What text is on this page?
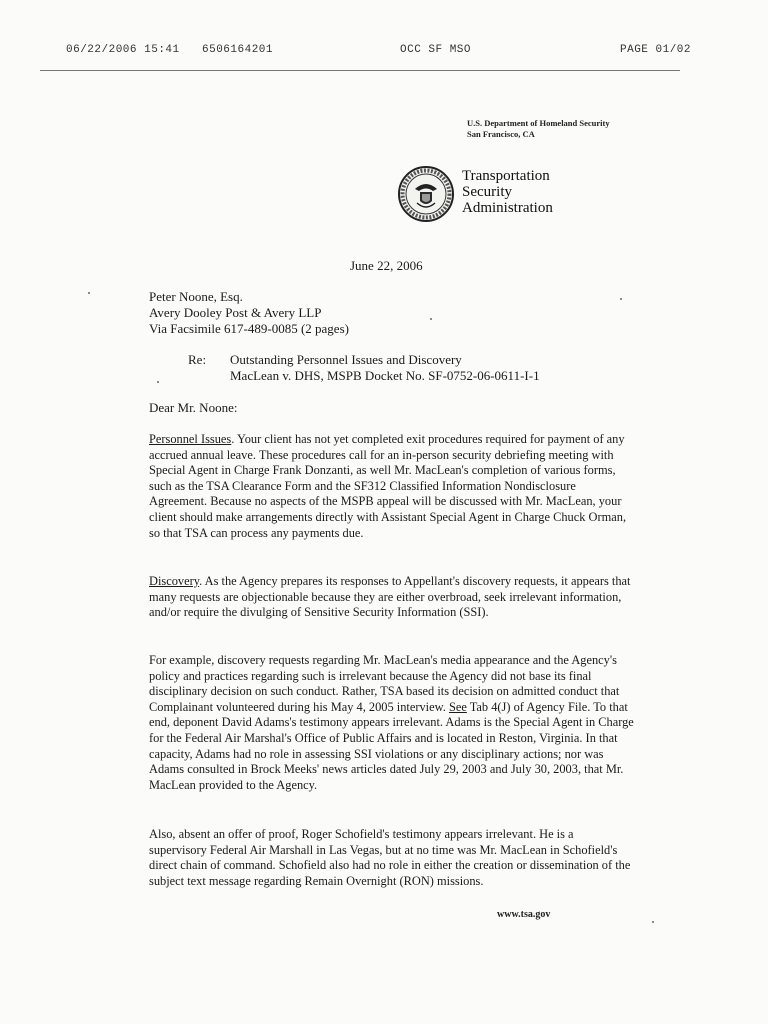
06/22/2006 15:41 6506164201	OCC SF MSO	PAGE 01/02
U.S. Department of Homeland Security
San Francisco, CA
Transportation
Security
Administration
June 22, 2006
Peter Noone, Esq.
Avery Dooley Post & Avery LLP
Via Facsimile 617-489-0085 (2 pages)
Re: Outstanding Personnel Issues and Discovery
MacLean v. DHS, MSPB Docket No. SF-0752-06-0611-I-1
Dear Mr. Noone:
Personnel Issues. Your client has not yet completed exit procedures required for payment of any accrued annual leave. These procedures call for an in-person security debriefing meeting with Special Agent in Charge Frank Donzanti, as well Mr. MacLean's completion of various forms, such as the TSA Clearance Form and the SF312 Classified Information Nondisclosure Agreement. Because no aspects of the MSPB appeal will be discussed with Mr. MacLean, your client should make arrangements directly with Assistant Special Agent in Charge Chuck Orman, so that TSA can process any payments due.
Discovery. As the Agency prepares its responses to Appellant's discovery requests, it appears that many requests are objectionable because they are either overbroad, seek irrelevant information, and/or require the divulging of Sensitive Security Information (SSI).
For example, discovery requests regarding Mr. MacLean's media appearance and the Agency's policy and practices regarding such is irrelevant because the Agency did not base its final disciplinary decision on such conduct. Rather, TSA based its decision on admitted conduct that Complainant volunteered during his May 4, 2005 interview. See Tab 4(J) of Agency File. To that end, deponent David Adams's testimony appears irrelevant. Adams is the Special Agent in Charge for the Federal Air Marshal's Office of Public Affairs and is located in Reston, Virginia. In that capacity, Adams had no role in assessing SSI violations or any disciplinary actions; nor was Adams consulted in Brock Meeks' news articles dated July 29, 2003 and July 30, 2003, that Mr. MacLean provided to the Agency.
Also, absent an offer of proof, Roger Schofield's testimony appears irrelevant. He is a supervisory Federal Air Marshall in Las Vegas, but at no time was Mr. MacLean in Schofield's direct chain of command. Schofield also had no role in either the creation or dissemination of the subject text message regarding Remain Overnight (RON) missions.
www.tsa.gov
